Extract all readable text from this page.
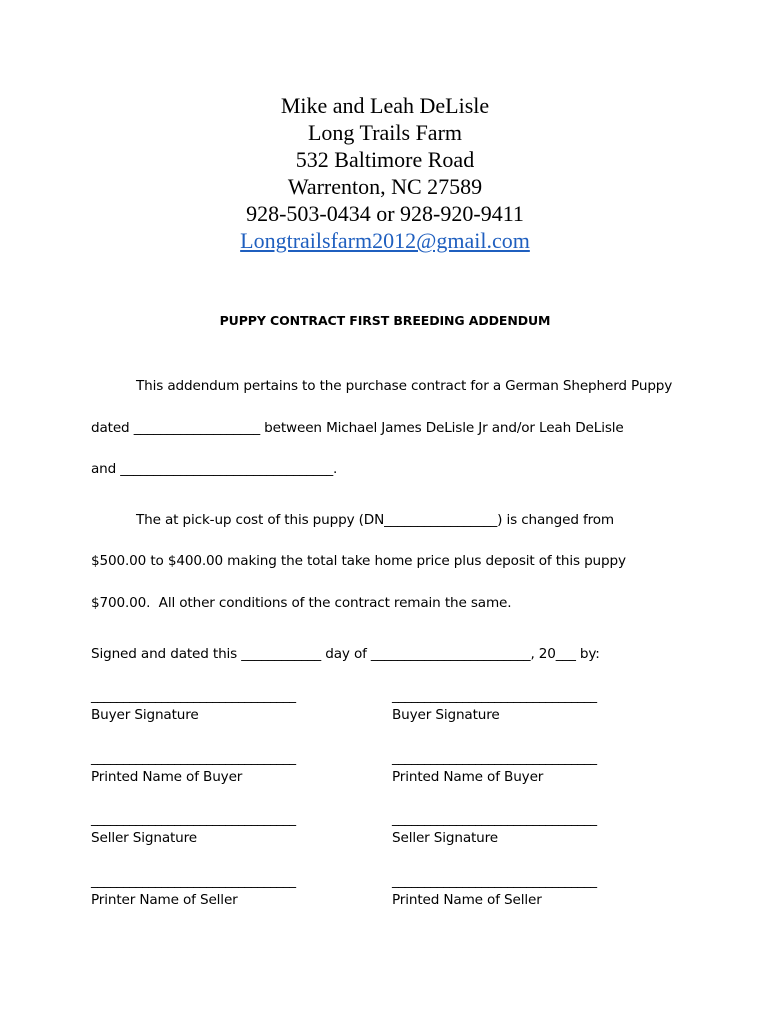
Mike and Leah DeLisle
Long Trails Farm
532 Baltimore Road
Warrenton, NC 27589
928-503-0434 or 928-920-9411
Longtrailsfarm2012@gmail.com
PUPPY CONTRACT FIRST BREEDING ADDENDUM
This addendum pertains to the purchase contract for a German Shepherd Puppy
dated ___________________ between Michael James DeLisle Jr and/or Leah DeLisle
and ________________________________.
The at pick-up cost of this puppy (DN_________________) is changed from
$500.00 to $400.00 making the total take home price plus deposit of this puppy
$700.00.  All other conditions of the contract remain the same.
Signed and dated this ____________ day of ________________________, 20___ by:
________________________________	________________________________
Buyer Signature	Buyer Signature
________________________________	________________________________
Printed Name of Buyer	Printed Name of Buyer
________________________________	________________________________
Seller Signature	Seller Signature
________________________________	________________________________
Printer Name of Seller	Printed Name of Seller
